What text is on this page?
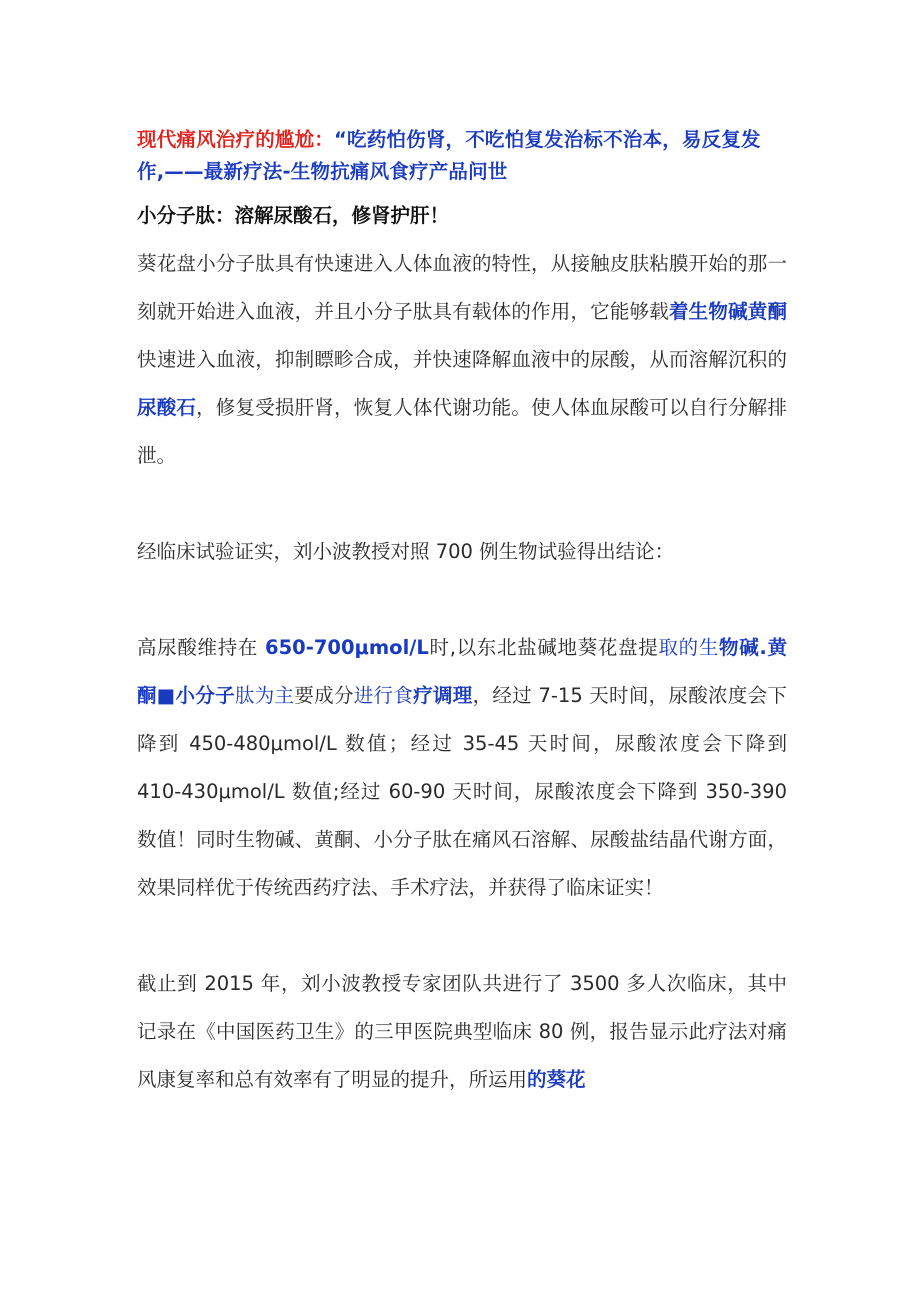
现代痛风治疗的尴尬：“吃药怕伤肾，不吃怕复发治标不治本，易反复发作,——最新疗法-生物抗痛风食疗产品问世

小分子肽：溶解尿酸石，修肾护肝！

葵花盘小分子肽具有快速进入人体血液的特性，从接触皮肤粘膜开始的那一刻就开始进入血液，并且小分子肽具有载体的作用，它能够载着生物碱黄酮快速进入血液，抑制瞟畛合成，并快速降解血液中的尿酸，从而溶解沉积的尿酸石，修复受损肝肾，恢复人体代谢功能。使人体血尿酸可以自行分解排泄。

经临床试验证实，刘小波教授对照 700 例生物试验得出结论：

高尿酸维持在 650-700μmol/L时,以东北盐碱地葵花盘提取的生物碱.黄酮■小分子肽为主要成分进行食疗调理，经过 7-15 天时间，尿酸浓度会下降到 450-480μmol/L 数值；经过 35-45 天时间，尿酸浓度会下降到 410-430μmol/L 数值;经过 60-90 天时间，尿酸浓度会下降到 350-390 数值！同时生物碱、黄酮、小分子肽在痛风石溶解、尿酸盐结晶代谢方面，效果同样优于传统西药疗法、手术疗法，并获得了临床证实！

截止到 2015 年，刘小波教授专家团队共进行了 3500 多人次临床，其中记录在《中国医药卫生》的三甲医院典型临床 80 例，报告显示此疗法对痛风康复率和总有效率有了明显的提升，所运用的葵花
